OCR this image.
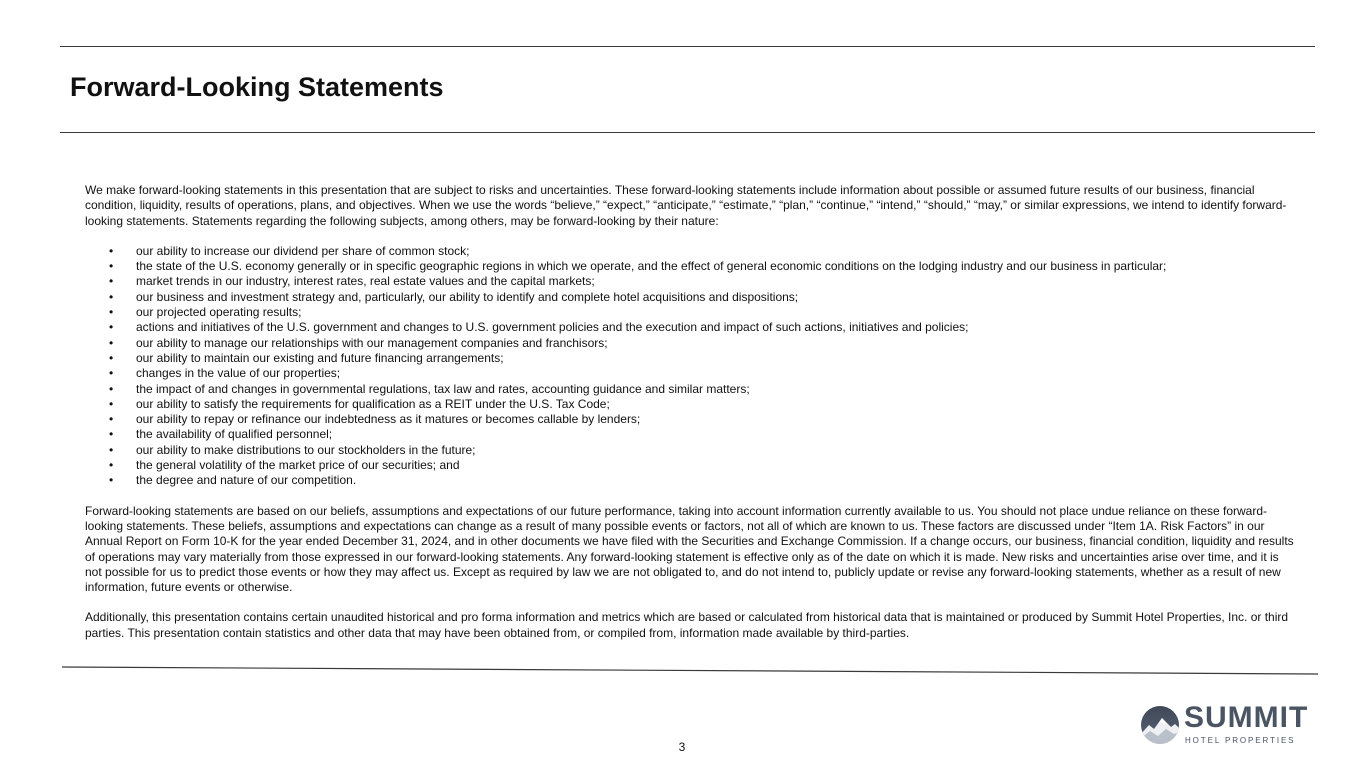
Forward-Looking Statements

We make forward-looking statements in this presentation that are subject to risks and uncertainties. These forward-looking statements include information about possible or assumed future results of our business, financial condition, liquidity, results of operations, plans, and objectives. When we use the words “believe,” “expect,” “anticipate,” “estimate,” “plan,” “continue,” “intend,” “should,” “may,” or similar expressions, we intend to identify forward-looking statements. Statements regarding the following subjects, among others, may be forward-looking by their nature:

• our ability to increase our dividend per share of common stock;
• the state of the U.S. economy generally or in specific geographic regions in which we operate, and the effect of general economic conditions on the lodging industry and our business in particular;
• market trends in our industry, interest rates, real estate values and the capital markets;
• our business and investment strategy and, particularly, our ability to identify and complete hotel acquisitions and dispositions;
• our projected operating results;
• actions and initiatives of the U.S. government and changes to U.S. government policies and the execution and impact of such actions, initiatives and policies;
• our ability to manage our relationships with our management companies and franchisors;
• our ability to maintain our existing and future financing arrangements;
• changes in the value of our properties;
• the impact of and changes in governmental regulations, tax law and rates, accounting guidance and similar matters;
• our ability to satisfy the requirements for qualification as a REIT under the U.S. Tax Code;
• our ability to repay or refinance our indebtedness as it matures or becomes callable by lenders;
• the availability of qualified personnel;
• our ability to make distributions to our stockholders in the future;
• the general volatility of the market price of our securities; and
• the degree and nature of our competition.

Forward-looking statements are based on our beliefs, assumptions and expectations of our future performance, taking into account information currently available to us. You should not place undue reliance on these forward-looking statements. These beliefs, assumptions and expectations can change as a result of many possible events or factors, not all of which are known to us. These factors are discussed under “Item 1A. Risk Factors” in our Annual Report on Form 10-K for the year ended December 31, 2024, and in other documents we have filed with the Securities and Exchange Commission. If a change occurs, our business, financial condition, liquidity and results of operations may vary materially from those expressed in our forward-looking statements. Any forward-looking statement is effective only as of the date on which it is made. New risks and uncertainties arise over time, and it is not possible for us to predict those events or how they may affect us. Except as required by law we are not obligated to, and do not intend to, publicly update or revise any forward-looking statements, whether as a result of new information, future events or otherwise.

Additionally, this presentation contains certain unaudited historical and pro forma information and metrics which are based or calculated from historical data that is maintained or produced by Summit Hotel Properties, Inc. or third parties. This presentation contain statistics and other data that may have been obtained from, or compiled from, information made available by third-parties.

3
SUMMIT
HOTEL PROPERTIES
